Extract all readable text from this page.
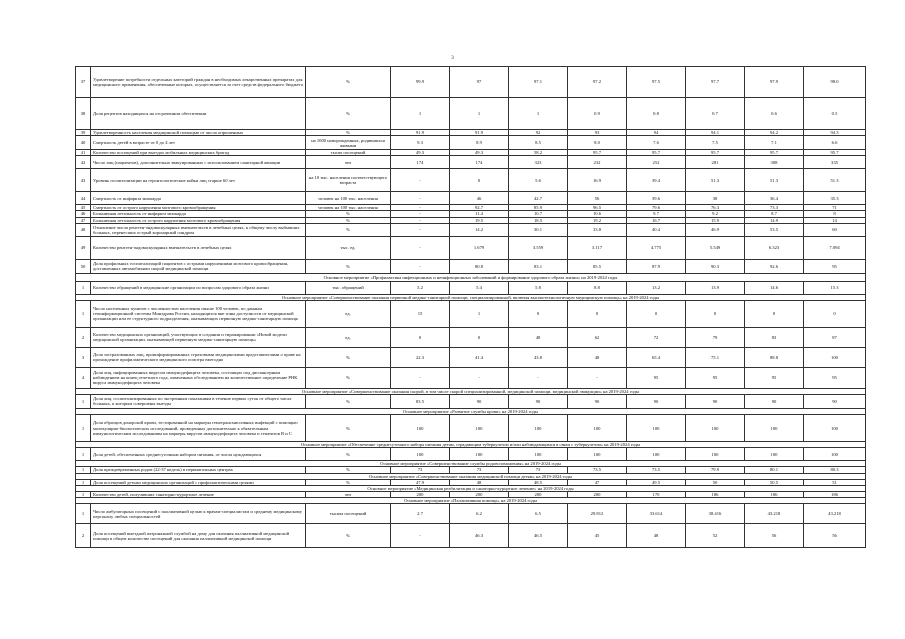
3
37	Удовлетворение потребности отдельных категорий граждан в необходимых лекарственных препаратах для медицинского применения, обеспеченные которых, осуществляется за счет средств федерального бюджета	%	99.9	97	97.1	97.2	97.5	97.7	97.9	98.0
38	Доля рецептов находящихся на отсроченном обеспечении	%	1	1	1	0.9	0.8	0.7	0.6	0.5
39	Удовлетворенность населения медицинской помощью от числа опрошенных	%	91.9	91.9	92	93	94	94.1	94.2	94.3
40	Смертность детей в возрасте от 0 до 4 лет	на 1000 новорожденных, родившихся живыми	9.3	8.9	8.5	8.0	7.6	7.5	7.1	6.6
41	Количество посещений при выездах мобильных медицинских бригад	тысяч посещений	49.3	49.3	58.2	95.7	95.7	95.7	95.7	95.7
42	Число лиц (пациентов), дополнительно эвакуированных с использованием санитарной авиации	чел	174	174	323	232	252	281	308	335
43	Уровень госпитализации на геронтологические койки лиц старше 60 лет	на 10 тыс. населения соответствующего возраста	-	0	5.6	16.9	39.4	51.3	51.3	51.3
44	Смертность от инфаркта миокарда	человек на 100 тыс. населения	-	46	42.7	56	39.6	38	36.4	35.3
45	Смертность от острого нарушения мозгового кровообращения	человек на 100 тыс. населения	-	92.7	85.9	96.5	79.6	76.3	73.3	71
46	Больничная летальность от инфаркта миокарда	%	-	11.4	10.7	10.6	9.7	9.2	8.7	8
47	Больничная летальность от острого нарушения мозгового кровообращения	%	-	19.5	18.5	19.2	16.7	15.9	14.9	14
48	Отношение числа рентген-эндоваскулярных вмешательств в лечебных целях, к общему числу выбывших больных, перенесших острый коронарный синдром	%	-	14.2	30.1	33.8	40.4	46.9	53.5	60
49	Количество рентген-эндоваскулярных вмешательств в лечебных целях	тыс. ед.	-	1.679	3.559	3.117	4.775	5.549	6.323	7.094
50	Доля профильных госпитализаций пациентов с острыми нарушениями мозгового кровообращения, доставленных автомобилями скорой медицинской помощи	%	-	80.8	83.1	85.5	87.9	90.3	92.6	95
Основное мероприятие «Профилактика инфекционных и неинфекционных заболеваний и формирование здорового образа жизни» на 2019-2024 годы										
1	Количество обращений в медицинские организации по вопросам здорового образа жизни	тыс. обращений	5.2	5.4	5.8	8.8	13.2	13.9	14.6	15.3
Основное мероприятие «Совершенствование оказания первичной медико-санитарной помощи, специализированной, включая высокотехнологичную медицинскую помощь» на 2019-2024 годы										
1	Число населенных пунктов с численностью населения свыше 100 человек, по данным геоинформационной системы Минздрава России, находящихся вне зоны доступности от медицинской организации или ее структурного подразделения, оказывающих первичную медико-санитарную помощь	ед.	15	1	0	0	0	0	0	0
2	Количество медицинских организаций, участвующих в создании и тиражировании «Новой модели медицинской организации, оказывающей первичную медико-санитарную помощь»	ед.	0	0	48	62	72	79	83	87
3	Доля застрахованных лиц, проинформированных страховыми медицинскими представителями о праве на прохождение профилактического медицинского осмотра ежегодно	%	22.3	41.4	43.8	48	65.4	75.1	88.8	100
4	Доля лиц, инфицированных вирусом иммунодефицита человека, состоящих под диспансерным наблюдением на конец отчетного года, охваченных обследованием на количественное определение РНК вируса иммунодефицита человека	%	-	-	-	-	95	95	95	95
Основное мероприятие «Совершенствование оказания скорой, в том числе скорой специализированной, медицинской помощи, медицинской эвакуации» на 2019-2024 годы										
1	Доля лиц, госпитализированных по экстренным показаниям в течение первых суток от общего числа больных, к которым совершены выезды	%	83.5	90	90	90	90	90	90	90
Основное мероприятие «Развитие службы крови» на 2019-2024 годы										
1	Доля образцов донорской крови, тестированной на маркеры гемотрансмиссивных инфекций с помощью молекулярно-биологических исследований, проведенных дополнительно к обязательным иммунологическим исследованиям на маркеры вирусов иммунодефицита человека и гепатитов В и С	%	100	100	100	100	100	100	100	100
Основное мероприятие «Обеспечение среднесуточного набора питания детям, страдающим туберкулезом и/или наблюдающимся в связи с туберкулезом» на 2019-2024 годы										
1	Доля детей, обеспеченных среднесуточным набором питания, от числа нуждающихся	%	100	100	100	100	100	100	100	100
Основное мероприятие «Совершенствование службы родовспоможения» на 2019-2024 годы										
1	Доля преждевременных родов (22-37 недель) в перинатальных центрах	%	73	73	73	73.5	73.5	79.9	80.1	80.3
Основное мероприятие «Совершенствование оказания медицинской помощи детям» на 2019-2024 годы										
1	Доля посещений детьми медицинских организаций с профилактическими целями	%	47.9	48	48.5	47	49.5	50	50.5	51
Основное мероприятие «Медицинская реабилитация и санаторно-курортное лечение» на 2019-2024 годы										
1	Количество детей, получивших санаторно-курортное лечение	чел	200	200	200	200	170	186	186	186
Основное мероприятие «Паллиативная помощь» на 2019-2024 годы										
1	Число амбулаторных посещений с паллиативной целью к врачам-специалистам и среднему медицинскому персоналу любых специальностей	тысяча посещений	2.7	6.2	6.5	29.812	33.614	38.416	43.218	43.218
2	Доля посещений выездной патронажной службой на дому для оказания паллиативной медицинской помощи в общем количестве посещений для оказания паллиативной медицинской помощи	%	-	46.3	46.5	45	48	52	56	56
